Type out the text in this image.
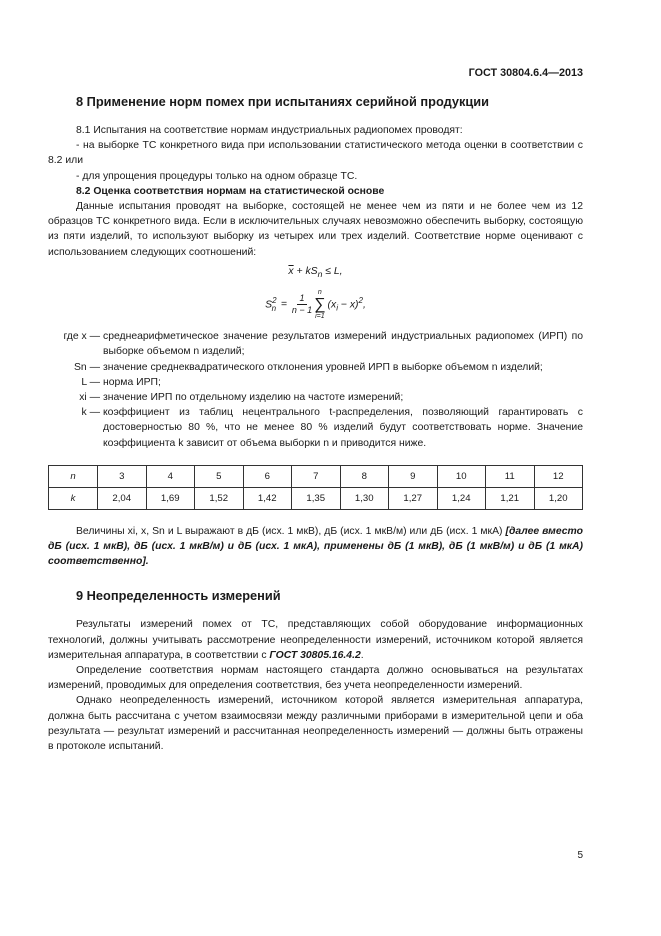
ГОСТ 30804.6.4—2013
8 Применение норм помех при испытаниях серийной продукции

8.1 Испытания на соответствие нормам индустриальных радиопомех проводят:

- на выборке ТС конкретного вида при использовании статистического метода оценки в соответствии с 8.2 или

- для упрощения процедуры только на одном образце ТС.

8.2 Оценка соответствия нормам на статистической основе

Данные испытания проводят на выборке, состоящей не менее чем из пяти и не более чем из 12 образцов ТС конкретного вида. Если в исключительных случаях невозможно обеспечить выборку, состоящую из пяти изделий, то используют выборку из четырех или трех изделий. Соответствие норме оценивают с использованием следующих соотношений:

$\overline{x} + kS_n \le L$,
$S^2_n = \frac{1}{n - 1}$
n
∑
i=1
$(x_i - x)^2$,
где x — среднеарифметическое значение результатов измерений индустриальных радиопомех (ИРП) по выборке объемом n изделий;
Sn — значение среднеквадратического отклонения уровней ИРП в выборке объемом n изделий;
L — норма ИРП;
xi — значение ИРП по отдельному изделию на частоте измерений;
k — коэффициент из таблиц нецентрального t-распределения, позволяющий гарантировать с достоверностью 80 %, что не менее 80 % изделий будут соответствовать норме. Значение коэффициента k зависит от объема выборки n и приводится ниже.
n	3	4	5	6	7	8	9	10	11	12
k	2,04	1,69	1,52	1,42	1,35	1,30	1,27	1,24	1,21	1,20

Величины xi, x, Sn и L выражают в дБ (исх. 1 мкВ), дБ (исх. 1 мкВ/м) или дБ (исх. 1 мкА) [далее вместо дБ (исх. 1 мкВ), дБ (исх. 1 мкВ/м) и дБ (исх. 1 мкА), применены дБ (1 мкВ), дБ (1 мкВ/м) и дБ (1 мкА) соответственно].

9 Неопределенность измерений

Результаты измерений помех от ТС, представляющих собой оборудование информационных технологий, должны учитывать рассмотрение неопределенности измерений, источником которой является измерительная аппаратура, в соответствии с ГОСТ 30805.16.4.2.

Определение соответствия нормам настоящего стандарта должно основываться на результатах измерений, проводимых для определения соответствия, без учета неопределенности измерений.

Однако неопределенность измерений, источником которой является измерительная аппаратура, должна быть рассчитана с учетом взаимосвязи между различными приборами в измерительной цепи и оба результата — результат измерений и рассчитанная неопределенность измерений — должны быть отражены в протоколе испытаний.

5
